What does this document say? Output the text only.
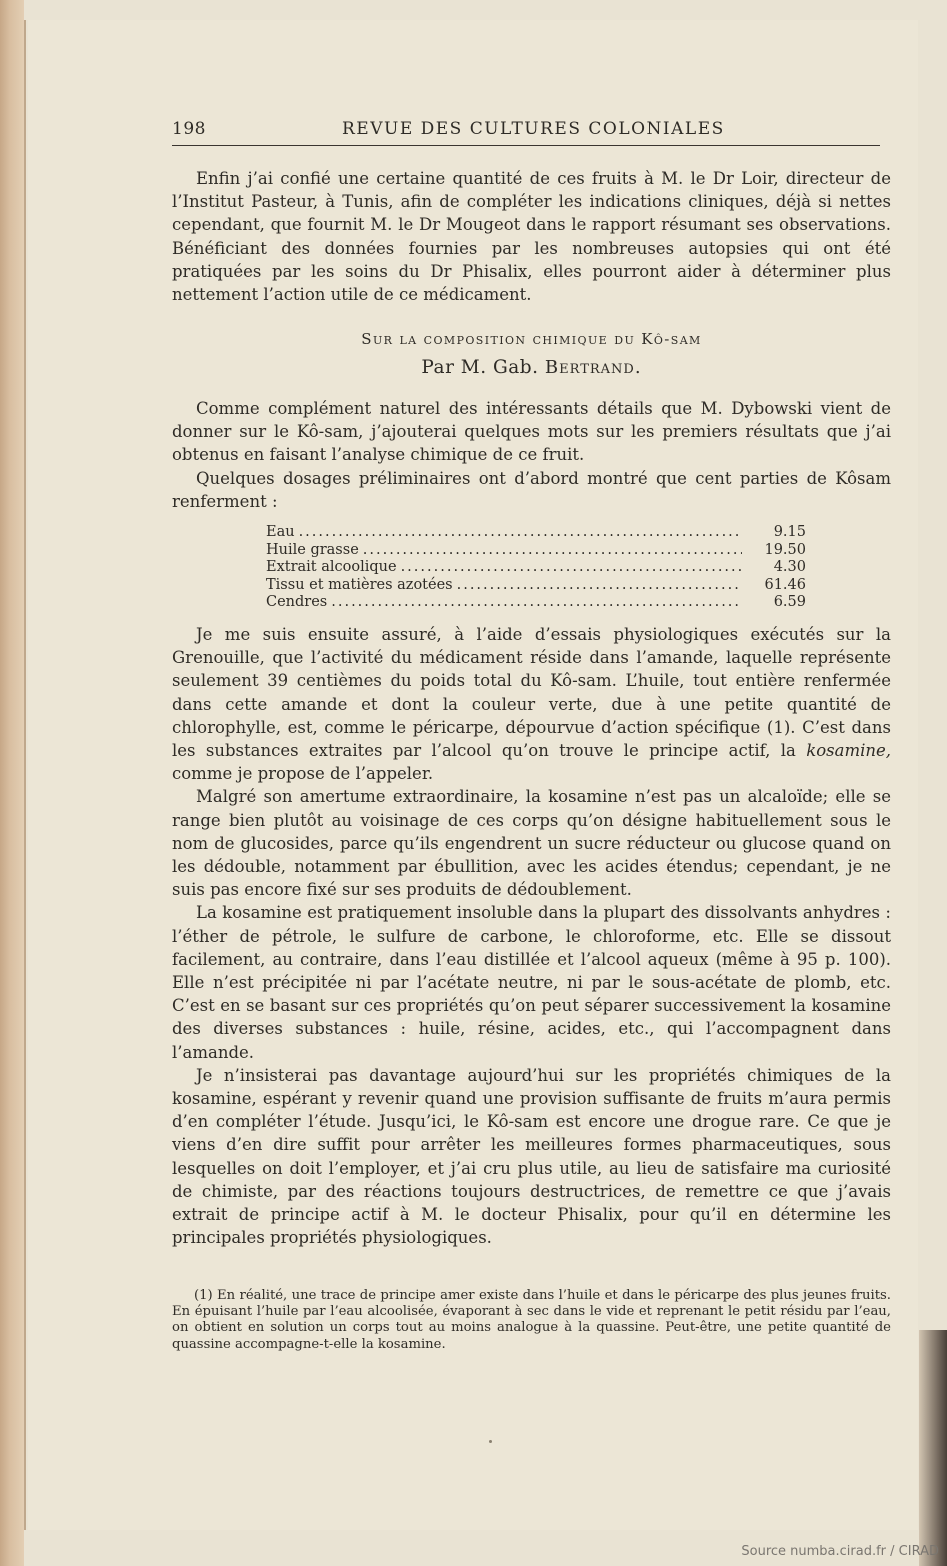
198	REVUE DES CULTURES COLONIALES

Enfin j’ai confié une certaine quantité de ces fruits à M. le Dr Loir, directeur de l’Institut Pasteur, à Tunis, afin de compléter les indications cliniques, déjà si nettes cependant, que fournit M. le Dr Mougeot dans le rapport résumant ses observations. Bénéficiant des données fournies par les nombreuses autopsies qui ont été pratiquées par les soins du Dr Phisalix, elles pourront aider à déterminer plus nettement l’action utile de ce médicament.

Sur la composition chimique du Kô-sam
Par M. Gab. Bertrand.

Comme complément naturel des intéressants détails que M. Dybowski vient de donner sur le Kô-sam, j’ajouterai quelques mots sur les premiers résultats que j’ai obtenus en faisant l’analyse chimique de ce fruit.

Quelques dosages préliminaires ont d’abord montré que cent parties de Kôsam renferment :

Eau .....	9.15
Huile grasse .....	19.50
Extrait alcoolique .....	4.30
Tissu et matières azotées .....	61.46
Cendres .....	6.59

Je me suis ensuite assuré, à l’aide d’essais physiologiques exécutés sur la Grenouille, que l’activité du médicament réside dans l’amande, laquelle représente seulement 39 centièmes du poids total du Kô-sam. L’huile, tout entière renfermée dans cette amande et dont la couleur verte, due à une petite quantité de chlorophylle, est, comme le péricarpe, dépourvue d’action spécifique (1). C’est dans les substances extraites par l’alcool qu’on trouve le principe actif, la kosamine, comme je propose de l’appeler.

Malgré son amertume extraordinaire, la kosamine n’est pas un alcaloïde; elle se range bien plutôt au voisinage de ces corps qu’on désigne habituellement sous le nom de glucosides, parce qu’ils engendrent un sucre réducteur ou glucose quand on les dédouble, notamment par ébullition, avec les acides étendus; cependant, je ne suis pas encore fixé sur ses produits de dédoublement.

La kosamine est pratiquement insoluble dans la plupart des dissolvants anhydres : l’éther de pétrole, le sulfure de carbone, le chloroforme, etc. Elle se dissout facilement, au contraire, dans l’eau distillée et l’alcool aqueux (même à 95 p. 100). Elle n’est précipitée ni par l’acétate neutre, ni par le sous-acétate de plomb, etc. C’est en se basant sur ces propriétés qu’on peut séparer successivement la kosamine des diverses substances : huile, résine, acides, etc., qui l’accompagnent dans l’amande.

Je n’insisterai pas davantage aujourd’hui sur les propriétés chimiques de la kosamine, espérant y revenir quand une provision suffisante de fruits m’aura permis d’en compléter l’étude. Jusqu’ici, le Kô-sam est encore une drogue rare. Ce que je viens d’en dire suffit pour arrêter les meilleures formes pharmaceutiques, sous lesquelles on doit l’employer, et j’ai cru plus utile, au lieu de satisfaire ma curiosité de chimiste, par des réactions toujours destructrices, de remettre ce que j’avais extrait de principe actif à M. le docteur Phisalix, pour qu’il en détermine les principales propriétés physiologiques.

(1) En réalité, une trace de principe amer existe dans l’huile et dans le péricarpe des plus jeunes fruits. En épuisant l’huile par l’eau alcoolisée, évaporant à sec dans le vide et reprenant le petit résidu par l’eau, on obtient en solution un corps tout au moins analogue à la quassine. Peut-être, une petite quantité de quassine accompagne-t-elle la kosamine.

Source numba.cirad.fr / CIRAD
